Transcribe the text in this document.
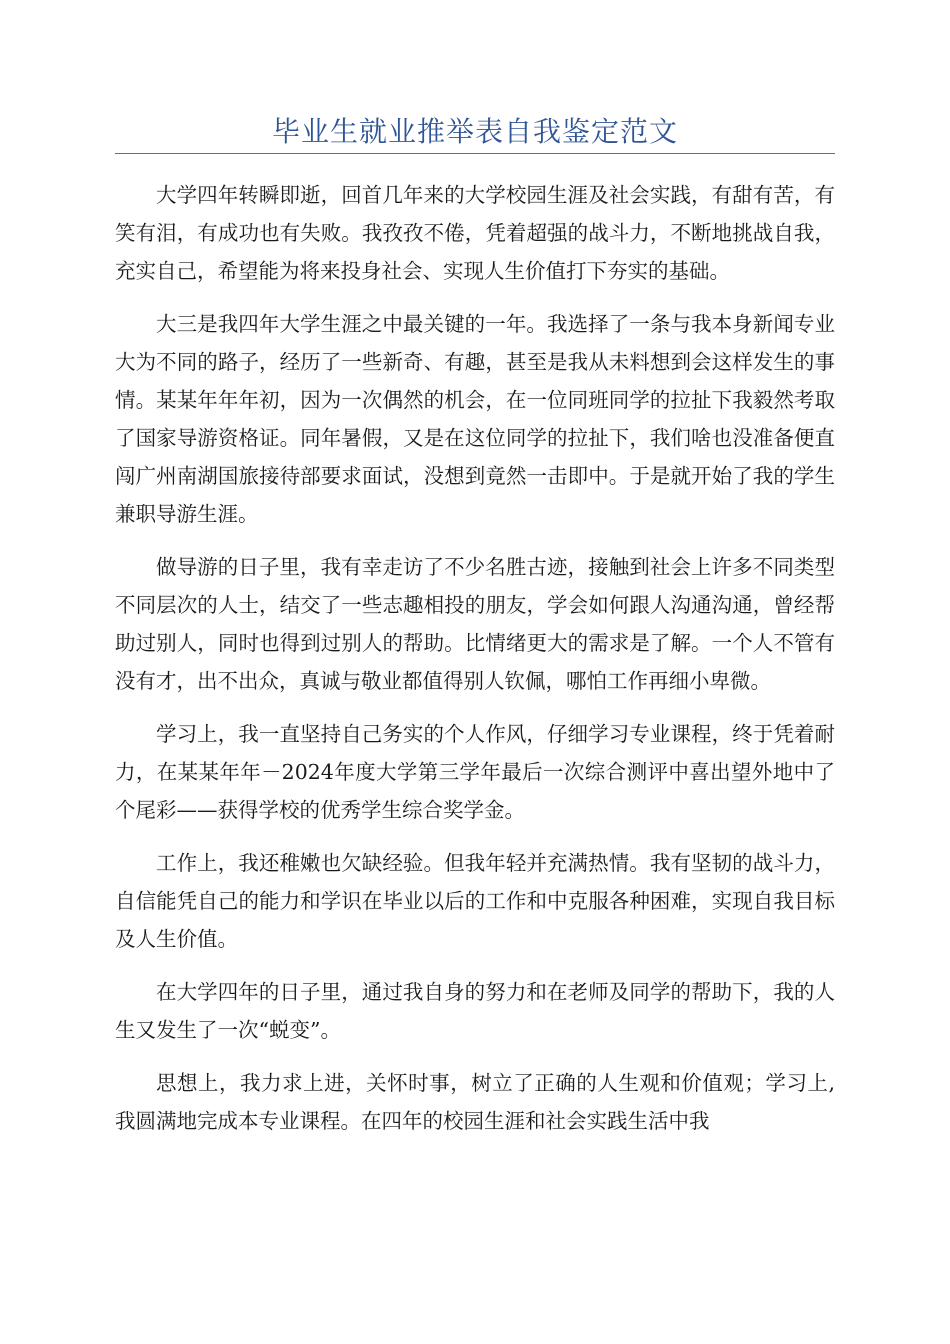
毕业生就业推举表自我鉴定范文

大学四年转瞬即逝，回首几年来的大学校园生涯及社会实践，有甜有苦，有笑有泪，有成功也有失败。我孜孜不倦，凭着超强的战斗力，不断地挑战自我，充实自己，希望能为将来投身社会、实现人生价值打下夯实的基础。

大三是我四年大学生涯之中最关键的一年。我选择了一条与我本身新闻专业大为不同的路子，经历了一些新奇、有趣，甚至是我从未料想到会这样发生的事情。某某年年年初，因为一次偶然的机会，在一位同班同学的拉扯下我毅然考取了国家导游资格证。同年暑假，又是在这位同学的拉扯下，我们啥也没准备便直闯广州南湖国旅接待部要求面试，没想到竟然一击即中。于是就开始了我的学生兼职导游生涯。

做导游的日子里，我有幸走访了不少名胜古迹，接触到社会上许多不同类型不同层次的人士，结交了一些志趣相投的朋友，学会如何跟人沟通沟通，曾经帮助过别人，同时也得到过别人的帮助。比情绪更大的需求是了解。一个人不管有没有才，出不出众，真诚与敬业都值得别人钦佩，哪怕工作再细小卑微。

学习上，我一直坚持自己务实的个人作风，仔细学习专业课程，终于凭着耐力，在某某年年－2024年度大学第三学年最后一次综合测评中喜出望外地中了个尾彩——获得学校的优秀学生综合奖学金。

工作上，我还稚嫩也欠缺经验。但我年轻并充满热情。我有坚韧的战斗力，自信能凭自己的能力和学识在毕业以后的工作和中克服各种困难，实现自我目标及人生价值。

在大学四年的日子里，通过我自身的努力和在老师及同学的帮助下，我的人生又发生了一次“蜕变”。

思想上，我力求上进，关怀时事，树立了正确的人生观和价值观；学习上,我圆满地完成本专业课程。在四年的校园生涯和社会实践生活中我
